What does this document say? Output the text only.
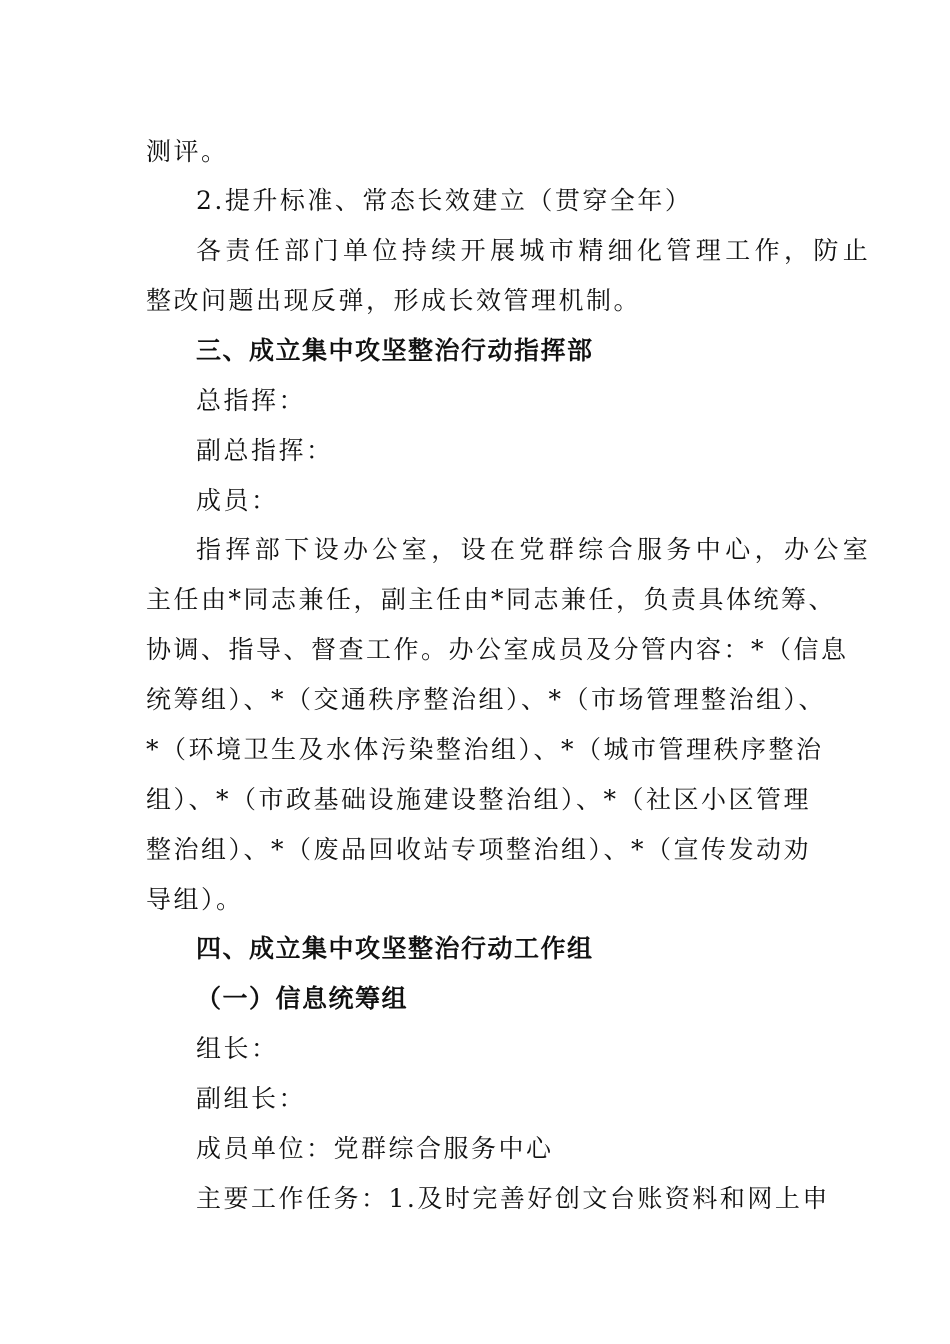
测评。
2.提升标准、常态长效建立（贯穿全年）
各责任部门单位持续开展城市精细化管理工作，防止
整改问题出现反弹，形成长效管理机制。
三、成立集中攻坚整治行动指挥部
总指挥：
副总指挥：
成员：
指挥部下设办公室，设在党群综合服务中心，办公室
主任由*同志兼任，副主任由*同志兼任，负责具体统筹、
协调、指导、督查工作。办公室成员及分管内容：*（信息
统筹组）、*（交通秩序整治组）、*（市场管理整治组）、
*（环境卫生及水体污染整治组）、*（城市管理秩序整治
组）、*（市政基础设施建设整治组）、*（社区小区管理
整治组）、*（废品回收站专项整治组）、*（宣传发动劝
导组）。
四、成立集中攻坚整治行动工作组
（一）信息统筹组
组长：
副组长：
成员单位：党群综合服务中心
主要工作任务：1.及时完善好创文台账资料和网上申
